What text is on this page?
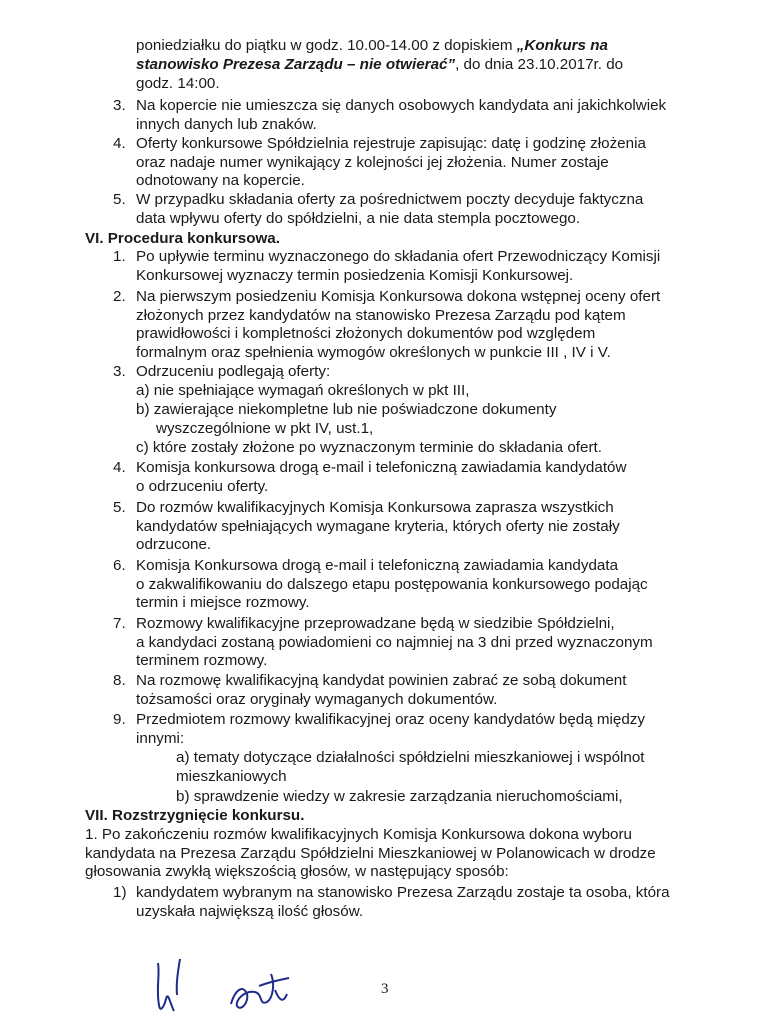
poniedziałku do piątku w godz. 10.00-14.00 z dopiskiem „Konkurs na
stanowisko Prezesa Zarządu – nie otwierać”, do dnia 23.10.2017r. do
godz. 14:00.
3. Na kopercie nie umieszcza się danych osobowych kandydata ani jakichkolwiek
innych danych lub znaków.
4. Oferty konkursowe Spółdzielnia rejestruje zapisując: datę i godzinę złożenia
oraz nadaje numer wynikający z kolejności jej złożenia. Numer zostaje
odnotowany na kopercie.
5. W przypadku składania oferty za pośrednictwem poczty decyduje faktyczna
data wpływu oferty do spółdzielni, a nie data stempla pocztowego.
VI. Procedura konkursowa.
1. Po upływie terminu wyznaczonego do składania ofert Przewodniczący Komisji
Konkursowej wyznaczy termin posiedzenia Komisji Konkursowej.
2. Na pierwszym posiedzeniu Komisja Konkursowa dokona wstępnej oceny ofert
złożonych przez kandydatów na stanowisko Prezesa Zarządu pod kątem
prawidłowości i kompletności złożonych dokumentów pod względem
formalnym oraz spełnienia wymogów określonych w punkcie III , IV i V.
3. Odrzuceniu podlegają oferty:
a) nie spełniające wymagań określonych w pkt III,
b) zawierające niekompletne lub nie poświadczone dokumenty
wyszczególnione w pkt IV, ust.1,
c) które zostały złożone po wyznaczonym terminie do składania ofert.
4. Komisja konkursowa drogą e-mail i telefoniczną zawiadamia kandydatów
o odrzuceniu oferty.
5. Do rozmów kwalifikacyjnych Komisja Konkursowa zaprasza wszystkich
kandydatów spełniających wymagane kryteria, których oferty nie zostały
odrzucone.
6. Komisja Konkursowa drogą e-mail i telefoniczną zawiadamia kandydata
o zakwalifikowaniu do dalszego etapu postępowania konkursowego podając
termin i miejsce rozmowy.
7. Rozmowy kwalifikacyjne przeprowadzane będą w siedzibie Spółdzielni,
a kandydaci zostaną powiadomieni co najmniej na 3 dni przed wyznaczonym
terminem rozmowy.
8. Na rozmowę kwalifikacyjną kandydat powinien zabrać ze sobą dokument
tożsamości oraz oryginały wymaganych dokumentów.
9. Przedmiotem rozmowy kwalifikacyjnej oraz oceny kandydatów będą między
innymi:
a) tematy dotyczące działalności spółdzielni mieszkaniowej i wspólnot
mieszkaniowych
b) sprawdzenie wiedzy w zakresie zarządzania nieruchomościami,
VII. Rozstrzygnięcie konkursu.
1. Po zakończeniu rozmów kwalifikacyjnych Komisja Konkursowa dokona wyboru
kandydata na Prezesa Zarządu Spółdzielni Mieszkaniowej w Polanowicach w drodze
głosowania zwykłą większością głosów, w następujący sposób:
1) kandydatem wybranym na stanowisko Prezesa Zarządu zostaje ta osoba, która
uzyskała największą ilość głosów.
3
